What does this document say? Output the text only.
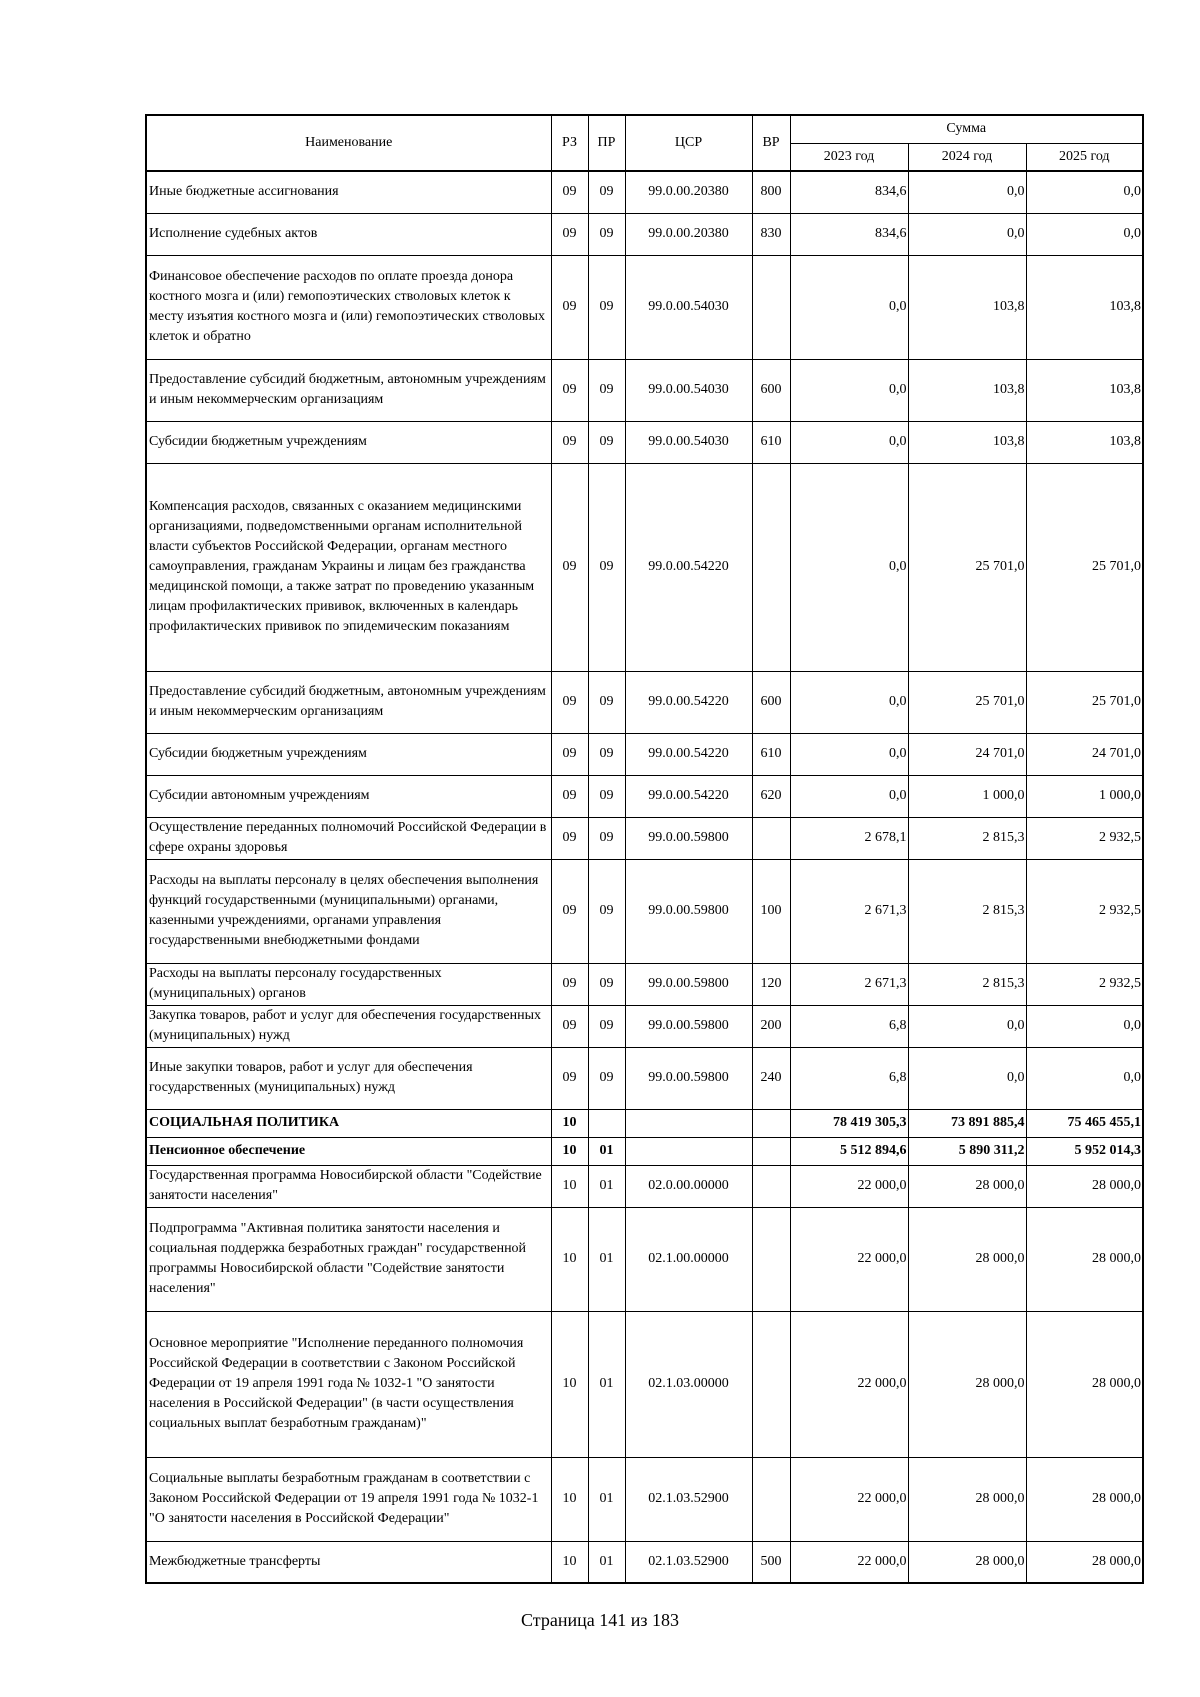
Наименование	РЗ	ПР	ЦСР	ВР	Сумма		
					2023 год	2024 год	2025 год
Иные бюджетные ассигнования	09	09	99.0.00.20380	800	834,6	0,0	0,0
Исполнение судебных актов	09	09	99.0.00.20380	830	834,6	0,0	0,0
Финансовое обеспечение расходов по оплате проезда донора костного мозга и (или) гемопоэтических стволовых клеток к месту изъятия костного мозга и (или) гемопоэтических стволовых клеток и обратно	09	09	99.0.00.54030		0,0	103,8	103,8
Предоставление субсидий бюджетным, автономным учреждениям и иным некоммерческим организациям	09	09	99.0.00.54030	600	0,0	103,8	103,8
Субсидии бюджетным учреждениям	09	09	99.0.00.54030	610	0,0	103,8	103,8
Компенсация расходов, связанных с оказанием медицинскими организациями, подведомственными органам исполнительной власти субъектов Российской Федерации, органам местного самоуправления, гражданам Украины и лицам без гражданства медицинской помощи, а также затрат по проведению указанным лицам профилактических прививок, включенных в календарь профилактических прививок по эпидемическим показаниям	09	09	99.0.00.54220		0,0	25 701,0	25 701,0
Предоставление субсидий бюджетным, автономным учреждениям и иным некоммерческим организациям	09	09	99.0.00.54220	600	0,0	25 701,0	25 701,0
Субсидии бюджетным учреждениям	09	09	99.0.00.54220	610	0,0	24 701,0	24 701,0
Субсидии автономным учреждениям	09	09	99.0.00.54220	620	0,0	1 000,0	1 000,0
Осуществление переданных полномочий Российской Федерации в сфере охраны здоровья	09	09	99.0.00.59800		2 678,1	2 815,3	2 932,5
Расходы на выплаты персоналу в целях обеспечения выполнения функций государственными (муниципальными) органами, казенными учреждениями, органами управления государственными внебюджетными фондами	09	09	99.0.00.59800	100	2 671,3	2 815,3	2 932,5
Расходы на выплаты персоналу государственных (муниципальных) органов	09	09	99.0.00.59800	120	2 671,3	2 815,3	2 932,5
Закупка товаров, работ и услуг для обеспечения государственных (муниципальных) нужд	09	09	99.0.00.59800	200	6,8	0,0	0,0
Иные закупки товаров, работ и услуг для обеспечения государственных (муниципальных) нужд	09	09	99.0.00.59800	240	6,8	0,0	0,0
СОЦИАЛЬНАЯ ПОЛИТИКА	10				78 419 305,3	73 891 885,4	75 465 455,1
Пенсионное обеспечение	10	01			5 512 894,6	5 890 311,2	5 952 014,3
Государственная программа Новосибирской области "Содействие занятости населения"	10	01	02.0.00.00000		22 000,0	28 000,0	28 000,0
Подпрограмма "Активная политика занятости населения и социальная поддержка безработных граждан" государственной программы Новосибирской области "Содействие занятости населения"	10	01	02.1.00.00000		22 000,0	28 000,0	28 000,0
Основное мероприятие "Исполнение переданного полномочия Российской Федерации в соответствии с Законом Российской Федерации от 19 апреля 1991 года № 1032-1 "О занятости населения в Российской Федерации" (в части осуществления социальных выплат безработным гражданам)"	10	01	02.1.03.00000		22 000,0	28 000,0	28 000,0
Социальные выплаты безработным гражданам в соответствии с Законом Российской Федерации от 19 апреля 1991 года № 1032-1 "О занятости населения в Российской Федерации"	10	01	02.1.03.52900		22 000,0	28 000,0	28 000,0
Межбюджетные трансферты	10	01	02.1.03.52900	500	22 000,0	28 000,0	28 000,0
Страница 141 из 183
